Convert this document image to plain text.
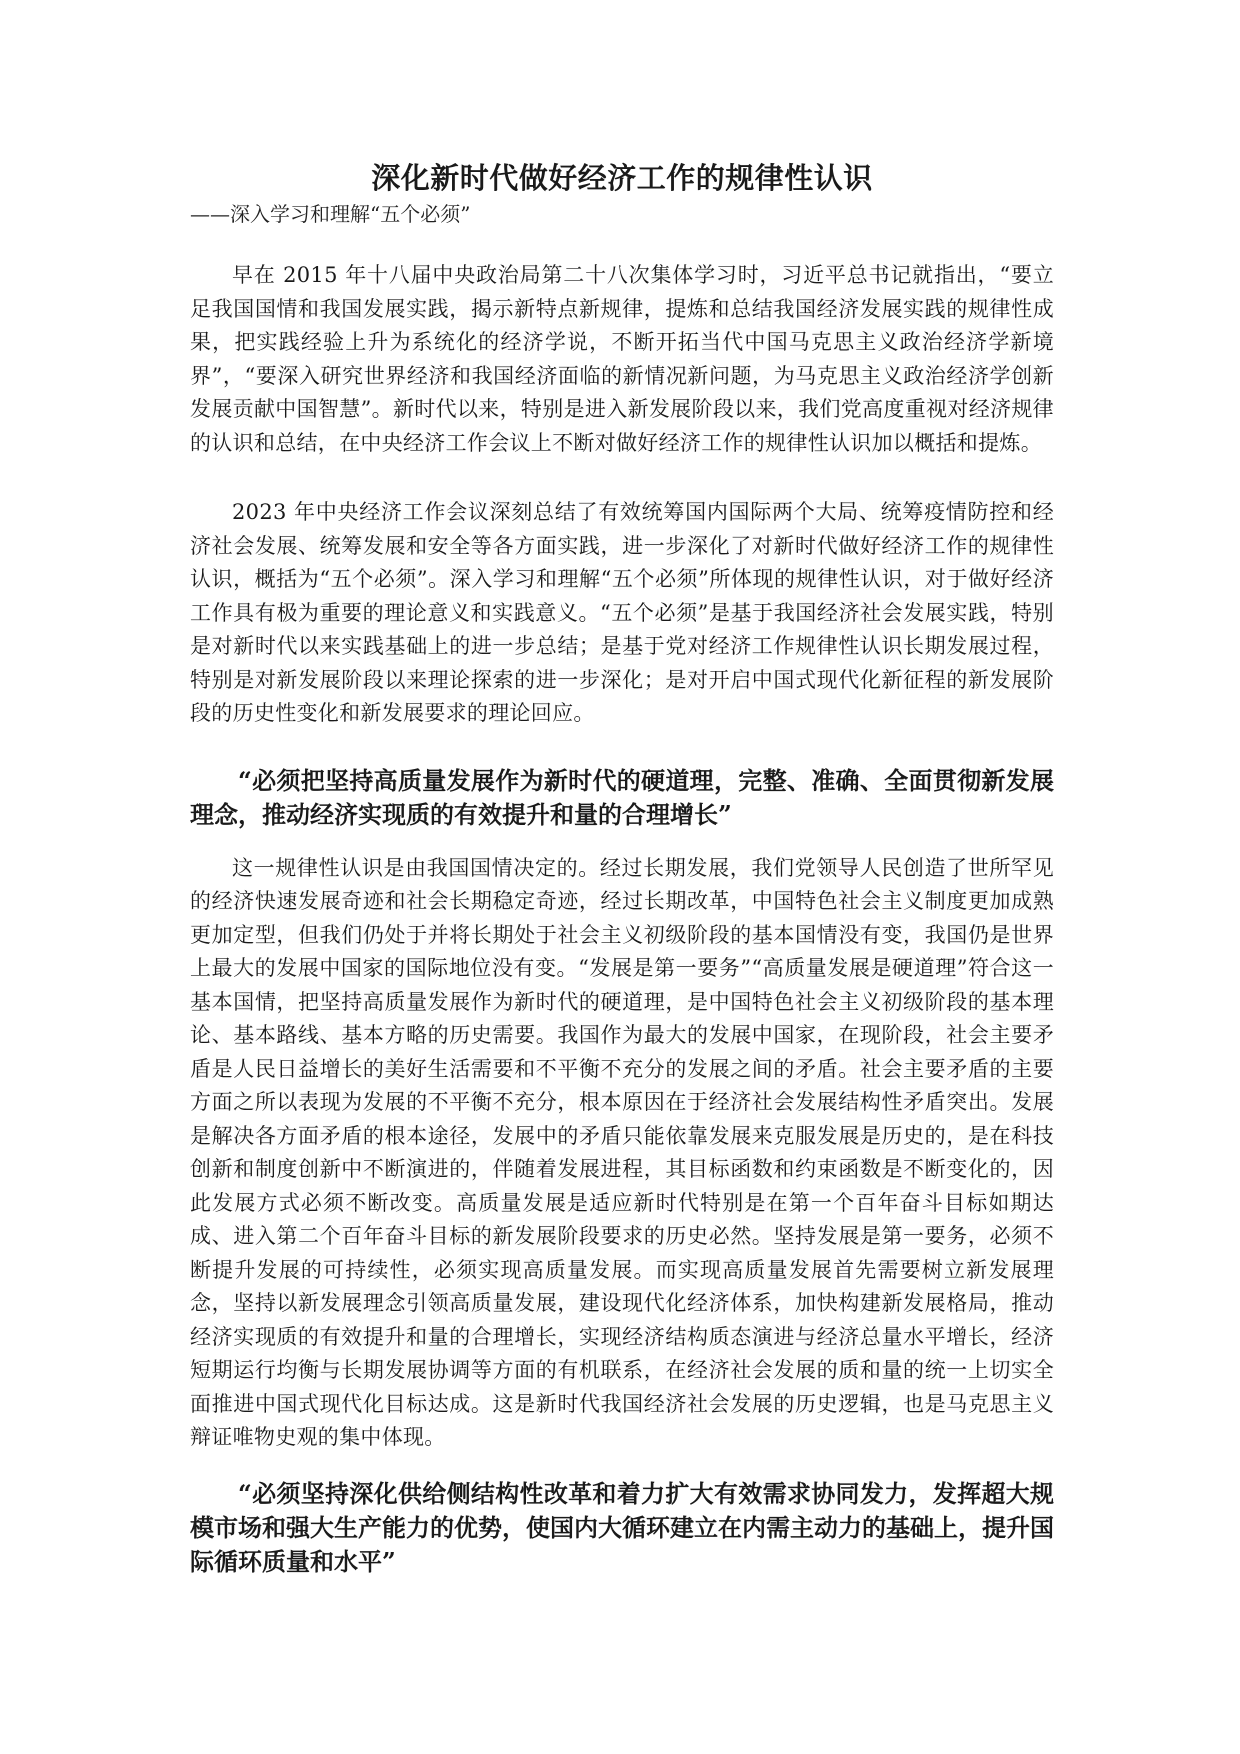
深化新时代做好经济工作的规律性认识
——深入学习和理解“五个必须”

早在 2015 年十八届中央政治局第二十八次集体学习时，习近平总书记就指出，“要立足我国国情和我国发展实践，揭示新特点新规律，提炼和总结我国经济发展实践的规律性成果，把实践经验上升为系统化的经济学说，不断开拓当代中国马克思主义政治经济学新境界”，“要深入研究世界经济和我国经济面临的新情况新问题，为马克思主义政治经济学创新发展贡献中国智慧”。新时代以来，特别是进入新发展阶段以来，我们党高度重视对经济规律的认识和总结，在中央经济工作会议上不断对做好经济工作的规律性认识加以概括和提炼。

2023 年中央经济工作会议深刻总结了有效统筹国内国际两个大局、统筹疫情防控和经济社会发展、统筹发展和安全等各方面实践，进一步深化了对新时代做好经济工作的规律性认识，概括为“五个必须”。深入学习和理解“五个必须”所体现的规律性认识，对于做好经济工作具有极为重要的理论意义和实践意义。“五个必须”是基于我国经济社会发展实践，特别是对新时代以来实践基础上的进一步总结；是基于党对经济工作规律性认识长期发展过程，特别是对新发展阶段以来理论探索的进一步深化；是对开启中国式现代化新征程的新发展阶段的历史性变化和新发展要求的理论回应。

“必须把坚持高质量发展作为新时代的硬道理，完整、准确、全面贯彻新发展理念，推动经济实现质的有效提升和量的合理增长”

这一规律性认识是由我国国情决定的。经过长期发展，我们党领导人民创造了世所罕见的经济快速发展奇迹和社会长期稳定奇迹，经过长期改革，中国特色社会主义制度更加成熟更加定型，但我们仍处于并将长期处于社会主义初级阶段的基本国情没有变，我国仍是世界上最大的发展中国家的国际地位没有变。“发展是第一要务”“高质量发展是硬道理”符合这一基本国情，把坚持高质量发展作为新时代的硬道理，是中国特色社会主义初级阶段的基本理论、基本路线、基本方略的历史需要。我国作为最大的发展中国家，在现阶段，社会主要矛盾是人民日益增长的美好生活需要和不平衡不充分的发展之间的矛盾。社会主要矛盾的主要方面之所以表现为发展的不平衡不充分，根本原因在于经济社会发展结构性矛盾突出。发展是解决各方面矛盾的根本途径，发展中的矛盾只能依靠发展来克服发展是历史的，是在科技创新和制度创新中不断演进的，伴随着发展进程，其目标函数和约束函数是不断变化的，因此发展方式必须不断改变。高质量发展是适应新时代特别是在第一个百年奋斗目标如期达成、进入第二个百年奋斗目标的新发展阶段要求的历史必然。坚持发展是第一要务，必须不断提升发展的可持续性，必须实现高质量发展。而实现高质量发展首先需要树立新发展理念，坚持以新发展理念引领高质量发展，建设现代化经济体系，加快构建新发展格局，推动经济实现质的有效提升和量的合理增长，实现经济结构质态演进与经济总量水平增长，经济短期运行均衡与长期发展协调等方面的有机联系，在经济社会发展的质和量的统一上切实全面推进中国式现代化目标达成。这是新时代我国经济社会发展的历史逻辑，也是马克思主义辩证唯物史观的集中体现。

“必须坚持深化供给侧结构性改革和着力扩大有效需求协同发力，发挥超大规模市场和强大生产能力的优势，使国内大循环建立在内需主动力的基础上，提升国际循环质量和水平”
